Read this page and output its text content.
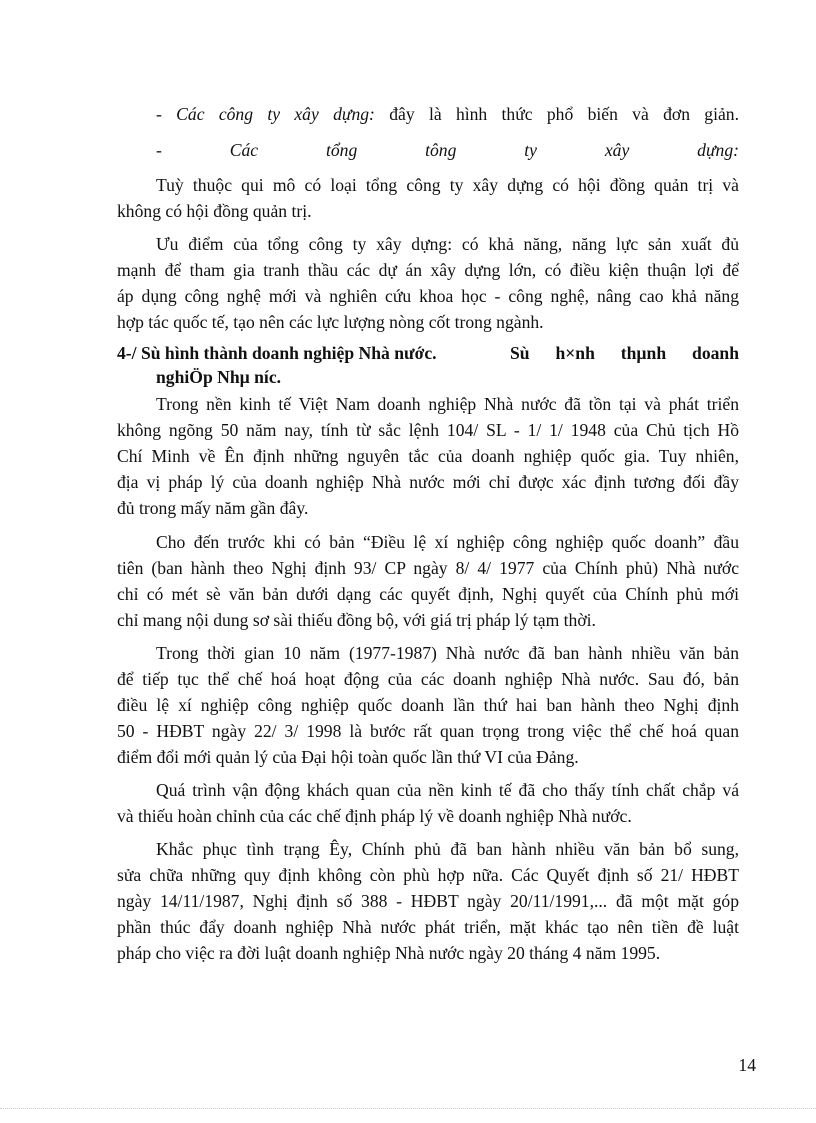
- Các công ty xây dựng: đây là hình thức phổ biến và đơn giản.
- Các tổng tông ty xây dựng:
Tuỳ thuộc qui mô có loại tổng công ty xây dựng có hội đồng quản trị và
không có hội đồng quản trị.
Ưu điểm của tổng công ty xây dựng: có khả năng, năng lực sản xuất đủ
mạnh để tham gia tranh thầu các dự án xây dựng lớn, có điều kiện thuận lợi để
áp dụng công nghệ mới và nghiên cứu khoa học - công nghệ, nâng cao khả năng
hợp tác quốc tế, tạo nên các lực lượng nòng cốt trong ngành.
Trong nền kinh tế Việt Nam doanh nghiệp Nhà nước đã tồn tại và phát triển
không ngõng 50 năm nay, tính từ sắc lệnh 104/ SL - 1/ 1/ 1948 của Chủ tịch Hồ
Chí Minh về Ên định những nguyên tắc của doanh nghiệp quốc gia. Tuy nhiên,
địa vị pháp lý của doanh nghiệp Nhà nước mới chỉ được xác định tương đối đầy
đủ trong mấy năm gần đây.
Cho đến trước khi có bản “Điều lệ xí nghiệp công nghiệp quốc doanh” đầu
tiên (ban hành theo Nghị định 93/ CP ngày 8/ 4/ 1977 của Chính phủ) Nhà nước
chỉ có mét sè văn bản dưới dạng các quyết định, Nghị quyết của Chính phủ mới
chỉ mang nội dung sơ sài thiếu đồng bộ, với giá trị pháp lý tạm thời.
Trong thời gian 10 năm (1977-1987) Nhà nước đã ban hành nhiều văn bản
để tiếp tục thể chế hoá hoạt động của các doanh nghiệp Nhà nước. Sau đó, bản
điều lệ xí nghiệp công nghiệp quốc doanh lần thứ hai ban hành theo Nghị định
50 - HĐBT ngày 22/ 3/ 1998 là bước rất quan trọng trong việc thể chế hoá quan
điểm đổi mới quản lý của Đại hội toàn quốc lần thứ VI của Đảng.
Quá trình vận động khách quan của nền kinh tế đã cho thấy tính chất chắp vá
và thiếu hoàn chỉnh của các chế định pháp lý về doanh nghiệp Nhà nước.
Khắc phục tình trạng Êy, Chính phủ đã ban hành nhiều văn bản bổ sung,
sửa chữa những quy định không còn phù hợp nữa. Các Quyết định số 21/ HĐBT
ngày 14/11/1987, Nghị định số 388 - HĐBT ngày 20/11/1991,... đã một mặt góp
phần thúc đẩy doanh nghiệp Nhà nước phát triển, mặt khác tạo nên tiền đề luật
pháp cho việc ra đời luật doanh nghiệp Nhà nước ngày 20 tháng 4 năm 1995.
4-/ Sù hình thành doanh nghiệp Nhà nước.	Sù h×nh thµnh doanh
nghiÖp Nhµ níc.
14
